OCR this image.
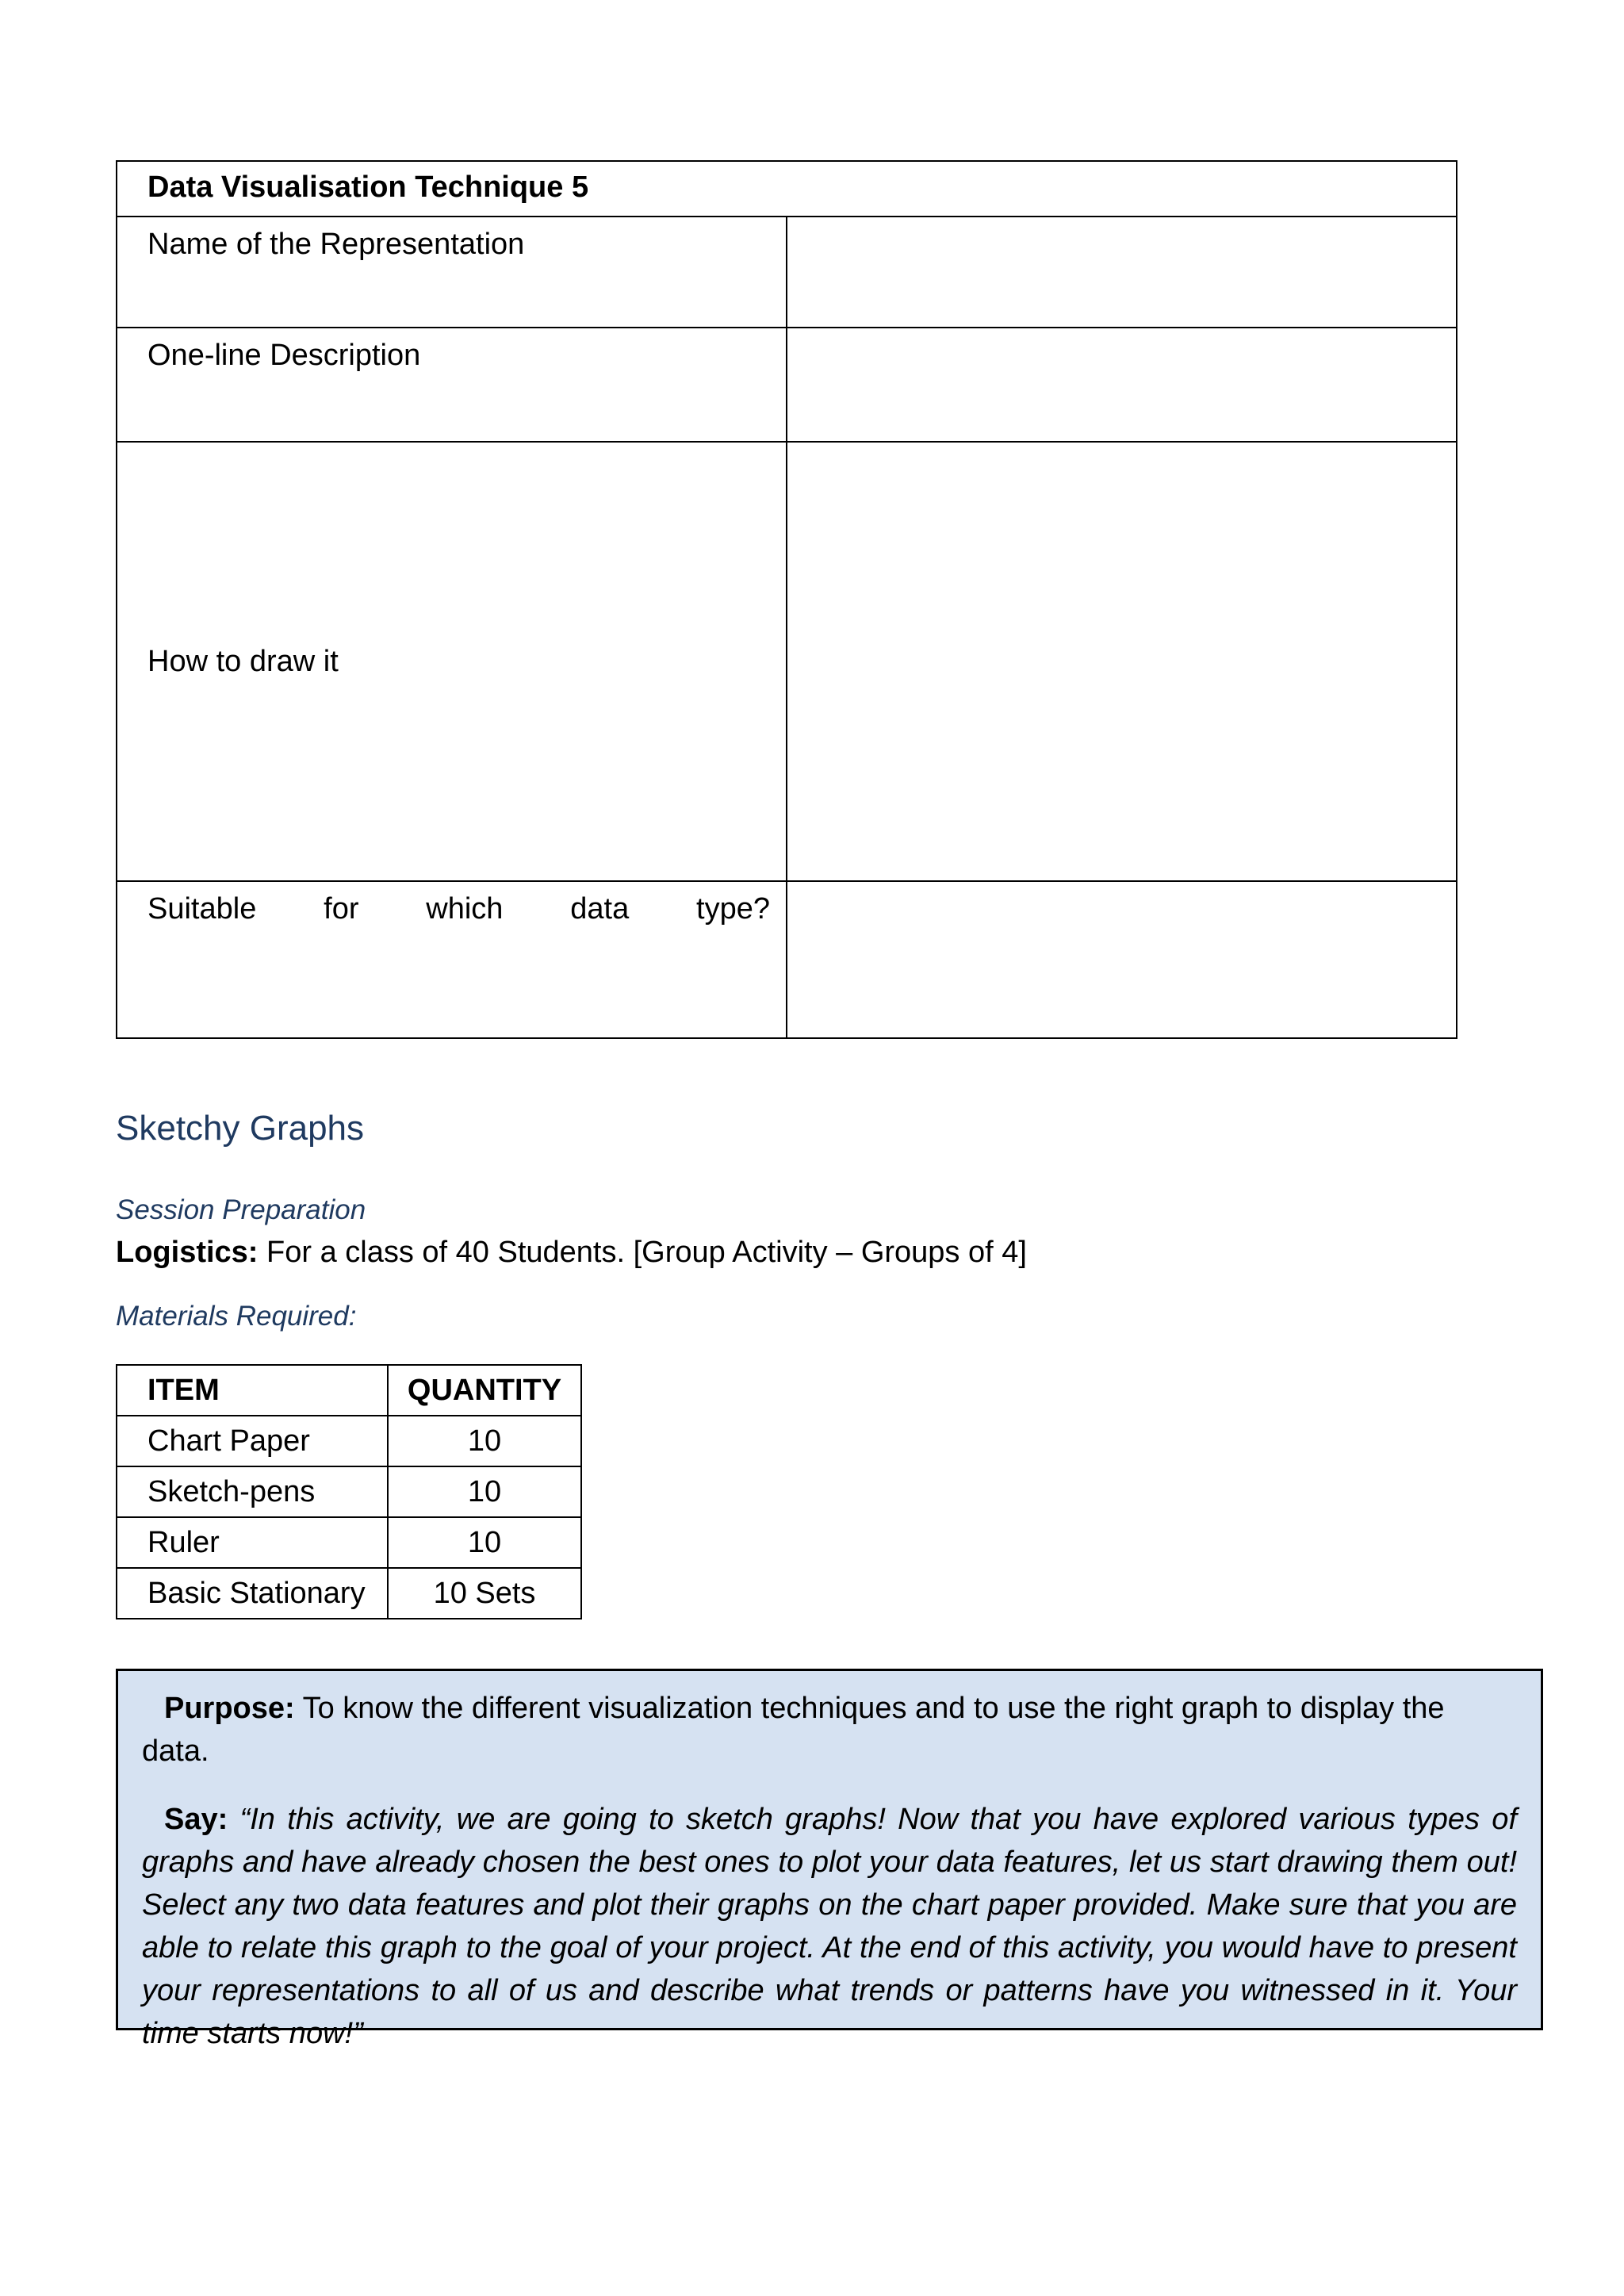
Data Visualisation Technique 5	
Name of the Representation	
One-line Description	
How to draw it	
Suitable for which data type?	
Sketchy Graphs
Session Preparation
Logistics: For a class of 40 Students. [Group Activity – Groups of 4]
Materials Required:
ITEM	QUANTITY
Chart Paper	10
Sketch-pens	10
Ruler	10
Basic Stationary	10 Sets

Purpose: To know the different visualization techniques and to use the right graph to display the data.

Say: “In this activity, we are going to sketch graphs! Now that you have explored various types of graphs and have already chosen the best ones to plot your data features, let us start drawing them out! Select any two data features and plot their graphs on the chart paper provided. Make sure that you are able to relate this graph to the goal of your project. At the end of this activity, you would have to present your representations to all of us and describe what trends or patterns have you witnessed in it. Your time starts now!”
